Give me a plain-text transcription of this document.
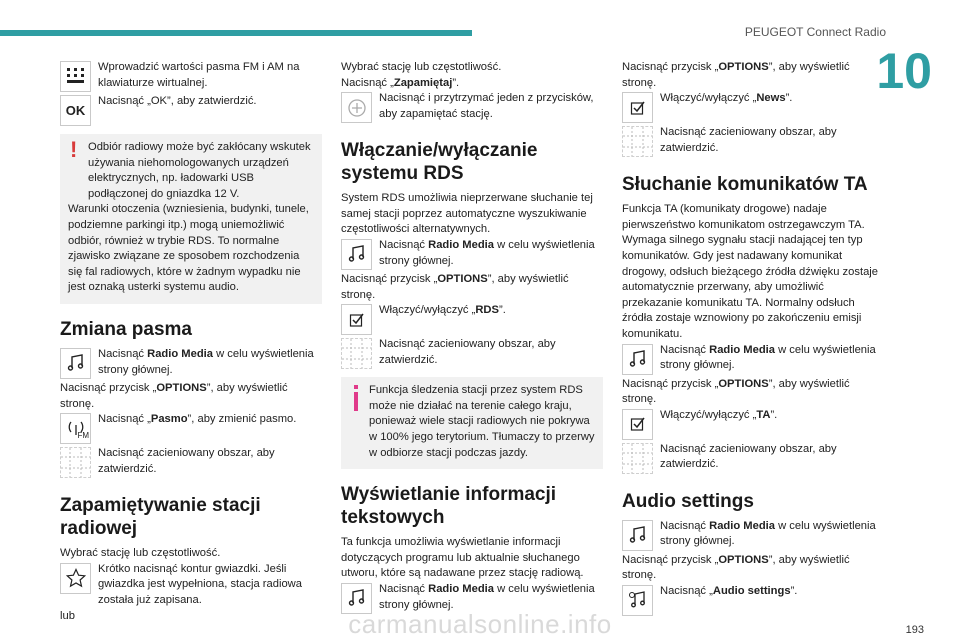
PEUGEOT Connect Radio
10

Wprowadzić wartości pasma FM i AM na klawiaturze wirtualnej.

OK

Nacisnąć „OK”, aby zatwierdzić.

! Odbiór radiowy może być zakłócany wskutek używania niehomologowanych urządzeń elektrycznych, np. ładowarki USB podłączonej do gniazdka 12 V.

Warunki otoczenia (wzniesienia, budynki, tunele, podziemne parkingi itp.) mogą uniemożliwić odbiór, również w trybie RDS. To normalne zjawisko związane ze sposobem rozchodzenia się fal radiowych, które w żadnym wypadku nie jest oznaką usterki systemu audio.

Zmiana pasma

Nacisnąć Radio Media w celu wyświetlenia strony głównej.

Nacisnąć przycisk „OPTIONS”, aby wyświetlić stronę.

FM

Nacisnąć „Pasmo”, aby zmienić pasmo.

Nacisnąć zacieniowany obszar, aby zatwierdzić.

Zapamiętywanie stacji radiowej

Wybrać stację lub częstotliwość.

Krótko nacisnąć kontur gwiazdki. Jeśli gwiazdka jest wypełniona, stacja radiowa została już zapisana.

lub

Wybrać stację lub częstotliwość.

Nacisnąć „Zapamiętaj”.

Nacisnąć i przytrzymać jeden z przycisków, aby zapamiętać stację.

Włączanie/wyłączanie systemu RDS

System RDS umożliwia nieprzerwane słuchanie tej samej stacji poprzez automatyczne wyszukiwanie częstotliwości alternatywnych.

Nacisnąć Radio Media w celu wyświetlenia strony głównej.

Nacisnąć przycisk „OPTIONS”, aby wyświetlić stronę.

Włączyć/wyłączyć „RDS”.

Nacisnąć zacieniowany obszar, aby zatwierdzić.

Funkcja śledzenia stacji przez system RDS może nie działać na terenie całego kraju, ponieważ wiele stacji radiowych nie pokrywa w 100% jego terytorium. Tłumaczy to przerwy w odbiorze stacji podczas jazdy.

Wyświetlanie informacji tekstowych

Ta funkcja umożliwia wyświetlanie informacji dotyczących programu lub aktualnie słuchanego utworu, które są nadawane przez stację radiową.

Nacisnąć Radio Media w celu wyświetlenia strony głównej.

Nacisnąć przycisk „OPTIONS”, aby wyświetlić stronę.

Włączyć/wyłączyć „News”.

Nacisnąć zacieniowany obszar, aby zatwierdzić.

Słuchanie komunikatów TA

Funkcja TA (komunikaty drogowe) nadaje pierwszeństwo komunikatom ostrzegawczym TA. Wymaga silnego sygnału stacji nadającej ten typ komunikatów. Gdy jest nadawany komunikat drogowy, odsłuch bieżącego źródła dźwięku zostaje automatycznie przerwany, aby umożliwić przekazanie komunikatu TA. Normalny odsłuch źródła zostaje wznowiony po zakończeniu emisji komunikatu.

Nacisnąć Radio Media w celu wyświetlenia strony głównej.

Nacisnąć przycisk „OPTIONS”, aby wyświetlić stronę.

Włączyć/wyłączyć „TA”.

Nacisnąć zacieniowany obszar, aby zatwierdzić.

Audio settings

Nacisnąć Radio Media w celu wyświetlenia strony głównej.

Nacisnąć przycisk „OPTIONS”, aby wyświetlić stronę.

Nacisnąć „Audio settings”.

carmanualsonline.info	193
